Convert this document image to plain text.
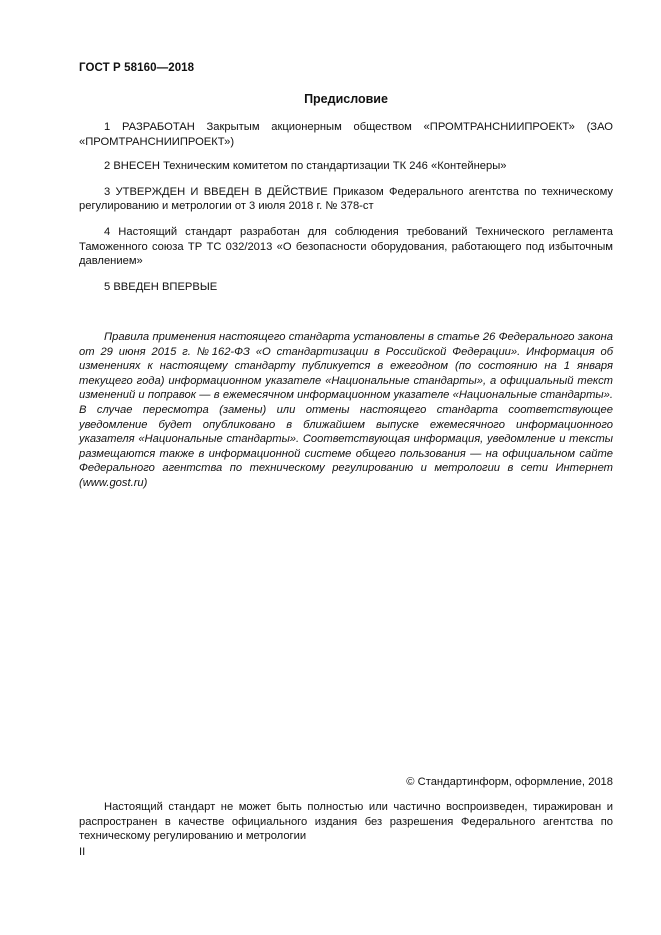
ГОСТ Р 58160—2018
Предисловие

1 РАЗРАБОТАН Закрытым акционерным обществом «ПРОМТРАНСНИИПРОЕКТ» (ЗАО «ПРОМТРАНСНИИПРОЕКТ»)

2 ВНЕСЕН Техническим комитетом по стандартизации ТК 246 «Контейнеры»

3 УТВЕРЖДЕН И ВВЕДЕН В ДЕЙСТВИЕ Приказом Федерального агентства по техническому регулированию и метрологии от 3 июля 2018 г. № 378-ст

4 Настоящий стандарт разработан для соблюдения требований Технического регламента Таможенного союза ТР ТС 032/2013 «О безопасности оборудования, работающего под избыточным давлением»

5 ВВЕДЕН ВПЕРВЫЕ

Правила применения настоящего стандарта установлены в статье 26 Федерального закона от 29 июня 2015 г. №162-ФЗ «О стандартизации в Российской Федерации». Информация об изменениях к настоящему стандарту публикуется в ежегодном (по состоянию на 1 января текущего года) информационном указателе «Национальные стандарты», а официальный текст изменений и поправок — в ежемесячном информационном указателе «Национальные стандарты». В случае пересмотра (замены) или отмены настоящего стандарта соответствующее уведомление будет опубликовано в ближайшем выпуске ежемесячного информационного указателя «Национальные стандарты». Соответствующая информация, уведомление и тексты размещаются также в информационной системе общего пользования — на официальном сайте Федерального агентства по техническому регулированию и метрологии в сети Интернет (www.gost.ru)

© Стандартинформ, оформление, 2018

Настоящий стандарт не может быть полностью или частично воспроизведен, тиражирован и распространен в качестве официального издания без разрешения Федерального агентства по техническому регулированию и метрологии

II
